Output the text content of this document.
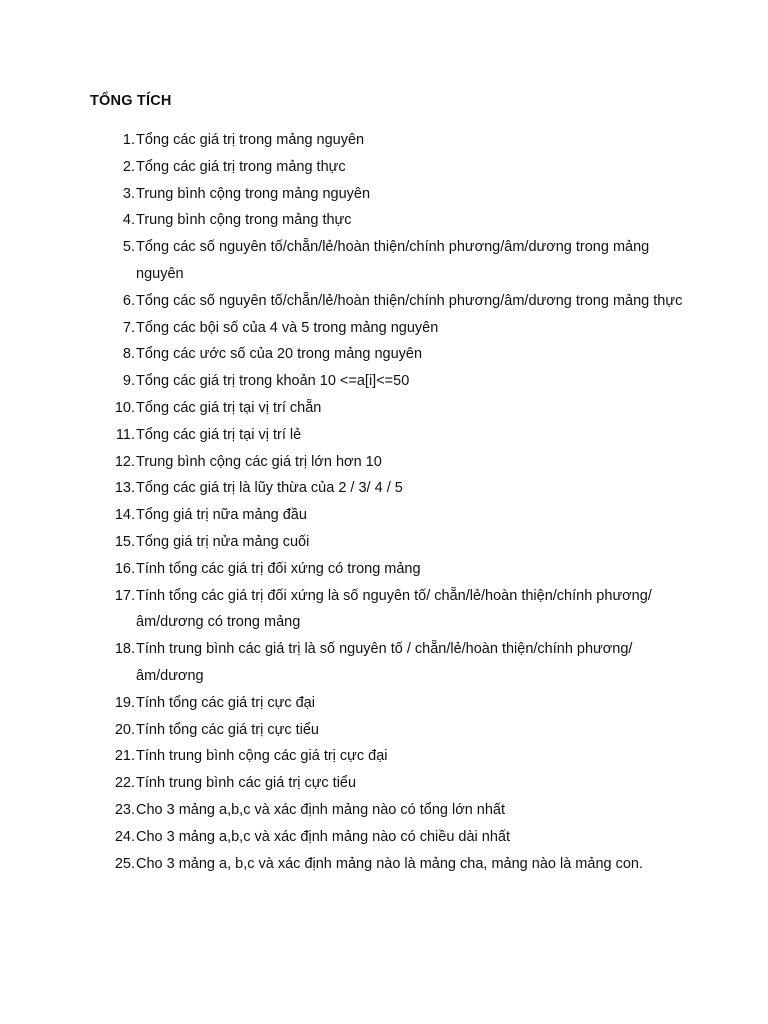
TỔNG TÍCH
1. Tổng các giá trị trong mảng nguyên
2. Tổng các giá trị trong mảng thực
3. Trung bình cộng trong mảng nguyên
4. Trung bình cộng trong mảng thực
5. Tổng các số nguyên tố/chẵn/lẻ/hoàn thiện/chính phương/âm/dương trong mảng nguyên
6. Tổng các số nguyên tố/chẵn/lẻ/hoàn thiện/chính phương/âm/dương trong mảng thực
7. Tổng các bội số của 4 và 5 trong mảng nguyên
8. Tổng các ước số của 20 trong mảng nguyên
9. Tổng các giá trị trong khoản 10 <=a[i]<=50
10. Tổng các giá trị tại vị trí chẵn
11. Tổng các giá trị tại vị trí lẻ
12. Trung bình cộng các giá trị lớn hơn 10
13. Tổng các giá trị là lũy thừa của 2 / 3/ 4 / 5
14. Tổng giá trị nữa mảng đầu
15. Tổng giá trị nửa mảng cuối
16. Tính tổng các giá trị đối xứng có trong mảng
17. Tính tổng các giá trị đối xứng là số nguyên tố/ chẵn/lẻ/hoàn thiện/chính phương/âm/dương có trong mảng
18. Tính trung bình các giá trị là số nguyên tố / chẵn/lẻ/hoàn thiện/chính phương/âm/dương
19. Tính tổng các giá trị cực đại
20. Tính tổng các giá trị cực tiểu
21. Tính trung bình cộng các giá trị cực đại
22. Tính trung bình các giá trị cực tiểu
23. Cho 3 mảng a,b,c và xác định mảng nào có tổng lớn nhất
24. Cho 3 mảng a,b,c và xác định mảng nào có chiều dài nhất
25. Cho 3 mảng a, b,c và xác định mảng nào là mảng cha, mảng nào là mảng con.
